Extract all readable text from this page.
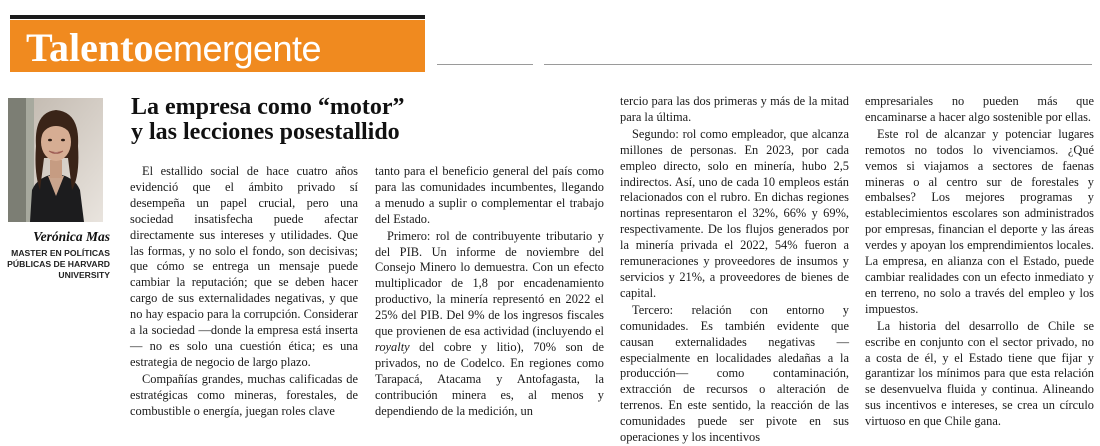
Talentoemergente
Verónica Mas
MASTER EN POLÍTICAS
PÚBLICAS DE HARVARD
UNIVERSITY
La empresa como “motor”
y las lecciones posestallido

El estallido social de hace cuatro años evidenció que el ámbito privado sí desempeña un papel crucial, pero una sociedad insatisfecha puede afectar directamente sus intereses y utilidades. Que las formas, y no solo el fondo, son decisivas; que cómo se entrega un mensaje puede cambiar la reputación; que se deben hacer cargo de sus externalidades negativas, y que no hay espacio para la corrupción. Considerar a la sociedad —donde la empresa está inserta— no es solo una cuestión ética; es una estrategia de negocio de largo plazo.

Compañías grandes, muchas calificadas de estratégicas como mineras, forestales, de combustible o energía, juegan roles clave

tanto para el beneficio general del país como para las comunidades incumbentes, llegando a menudo a suplir o complementar el trabajo del Estado.

Primero: rol de contribuyente tributario y del PIB. Un informe de noviembre del Consejo Minero lo demuestra. Con un efecto multiplicador de 1,8 por encadenamiento productivo, la minería representó en 2022 el 25% del PIB. Del 9% de los ingresos fiscales que provienen de esa actividad (incluyendo el royalty del cobre y litio), 70% son de privados, no de Codelco. En regiones como Tarapacá, Atacama y Antofagasta, la contribución minera es, al menos y dependiendo de la medición, un

tercio para las dos primeras y más de la mitad para la última.

Segundo: rol como empleador, que alcanza millones de personas. En 2023, por cada empleo directo, solo en minería, hubo 2,5 indirectos. Así, uno de cada 10 empleos están relacionados con el rubro. En dichas regiones nortinas representaron el 32%, 66% y 69%, respectivamente. De los flujos generados por la minería privada el 2022, 54% fueron a remuneraciones y proveedores de insumos y servicios y 21%, a proveedores de bienes de capital.

Tercero: relación con entorno y comunidades. Es también evidente que causan externalidades negativas —especialmente en localidades aledañas a la producción— como contaminación, extracción de recursos o alteración de terrenos. En este sentido, la reacción de las comunidades puede ser pivote en sus operaciones y los incentivos

empresariales no pueden más que encaminarse a hacer algo sostenible por ellas.

Este rol de alcanzar y potenciar lugares remotos no todos lo vivenciamos. ¿Qué vemos si viajamos a sectores de faenas mineras o al centro sur de forestales y embalses? Los mejores programas y establecimientos escolares son administrados por empresas, financian el deporte y las áreas verdes y apoyan los emprendimientos locales. La empresa, en alianza con el Estado, puede cambiar realidades con un efecto inmediato y en terreno, no solo a través del empleo y los impuestos.

La historia del desarrollo de Chile se escribe en conjunto con el sector privado, no a costa de él, y el Estado tiene que fijar y garantizar los mínimos para que esta relación se desenvuelva fluida y continua. Alineando sus incentivos e intereses, se crea un círculo virtuoso en que Chile gana.
